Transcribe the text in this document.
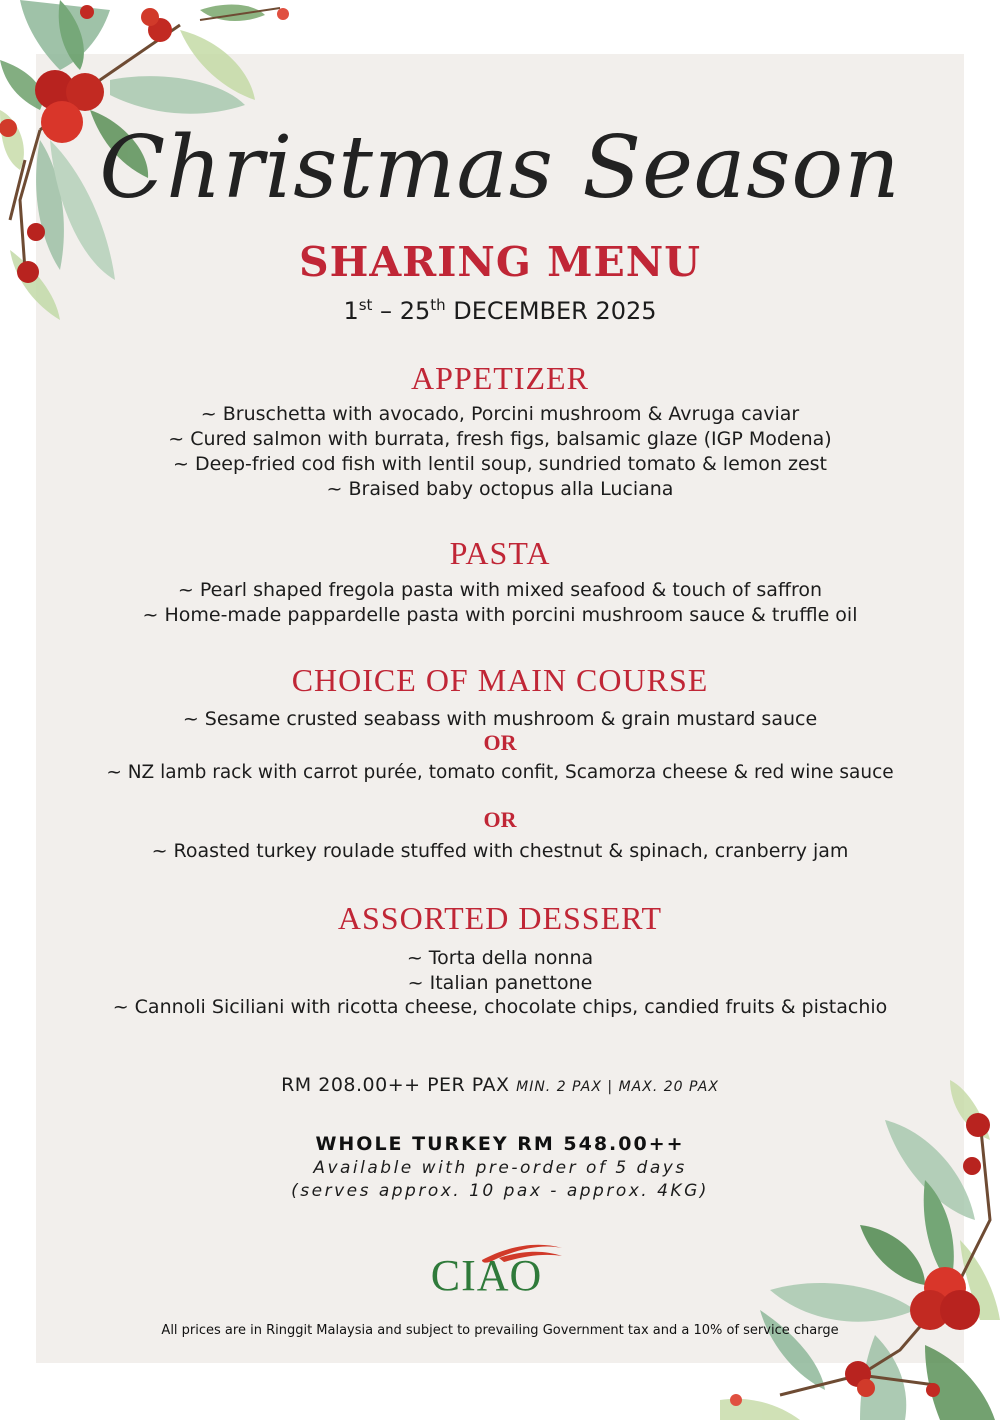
Christmas Season
SHARING MENU
1st – 25th DECEMBER 2025
APPETIZER
~ Bruschetta with avocado, Porcini mushroom & Avruga caviar
~ Cured salmon with burrata, fresh figs, balsamic glaze (IGP Modena)
~ Deep-fried cod fish with lentil soup, sundried tomato & lemon zest
~ Braised baby octopus alla Luciana
PASTA
~ Pearl shaped fregola pasta with mixed seafood & touch of saffron
~ Home-made pappardelle pasta with porcini mushroom sauce & truffle oil
CHOICE OF MAIN COURSE
~ Sesame crusted seabass with mushroom & grain mustard sauce
OR
~ NZ lamb rack with carrot purée, tomato confit, Scamorza cheese & red wine sauce
OR
~ Roasted turkey roulade stuffed with chestnut & spinach, cranberry jam
ASSORTED DESSERT
~ Torta della nonna
~ Italian panettone
~ Cannoli Siciliani with ricotta cheese, chocolate chips, candied fruits & pistachio
RM 208.00++ PER PAX MIN. 2 PAX | MAX. 20 PAX
WHOLE TURKEY RM 548.00++
Available with pre-order of 5 days
(serves approx. 10 pax - approx. 4KG)
CIAO
All prices are in Ringgit Malaysia and subject to prevailing Government tax and a 10% of service charge
